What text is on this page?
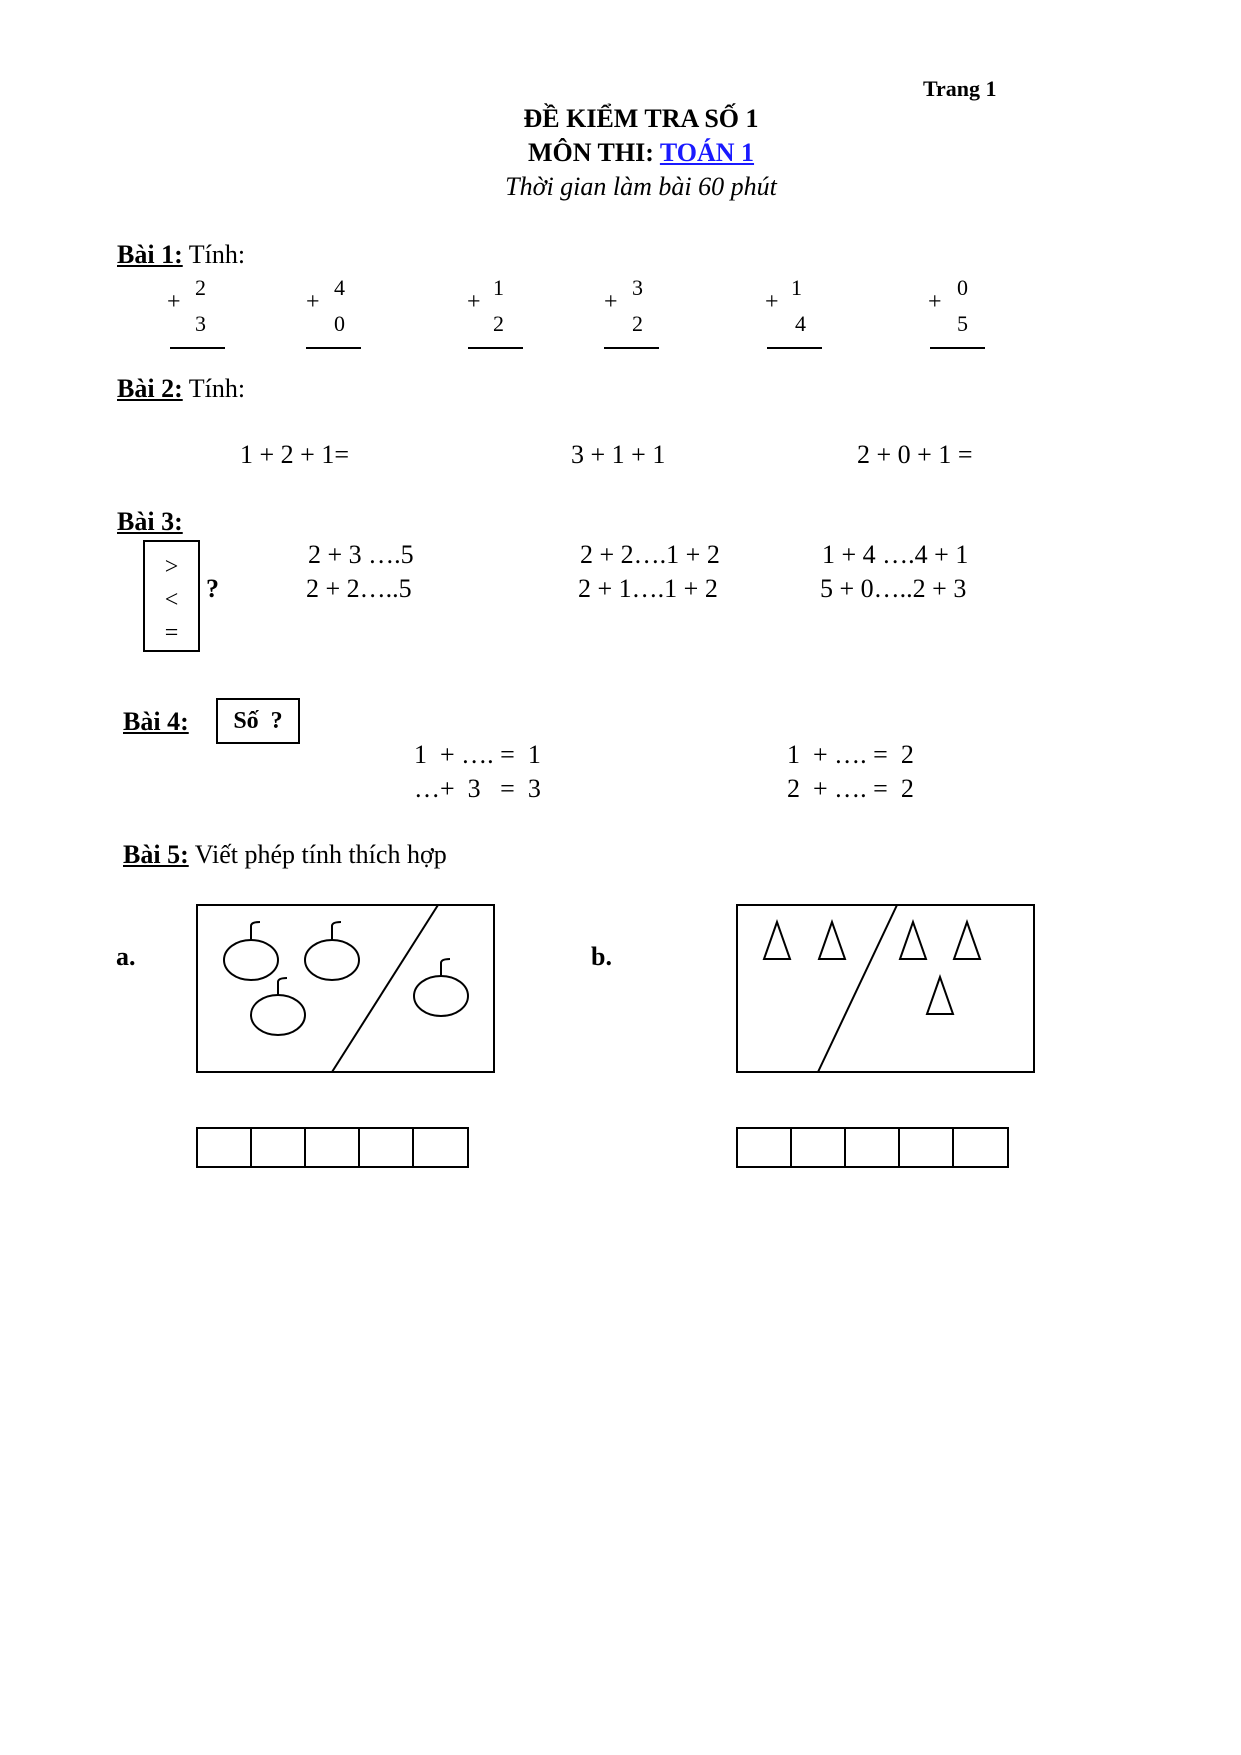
Trang 1
ĐỀ KIỂM TRA SỐ 1
MÔN THI: TOÁN 1
Thời gian làm bài 60 phút
Bài 1: Tính:
+
2
3
+
4
0
+
1
2
+
3
2
+
1
4
+
0
5
Bài 2: Tính:
1 + 2 + 1=	3 + 1 + 1	2 + 0 + 1 =
Bài 3:
>
<
=
?
2 + 3 ….5	2 + 2….1 + 2	1 + 4 ….4 + 1
2 + 2…..5	2 + 1….1 + 2	5 + 0…..2 + 3
Bài 4:	Số  ?
1  + …. =  1	1  + …. =  2
…+  3   =  3	2  + …. =  2
Bài 5: Viết phép tính thích hợp
a.	b.
